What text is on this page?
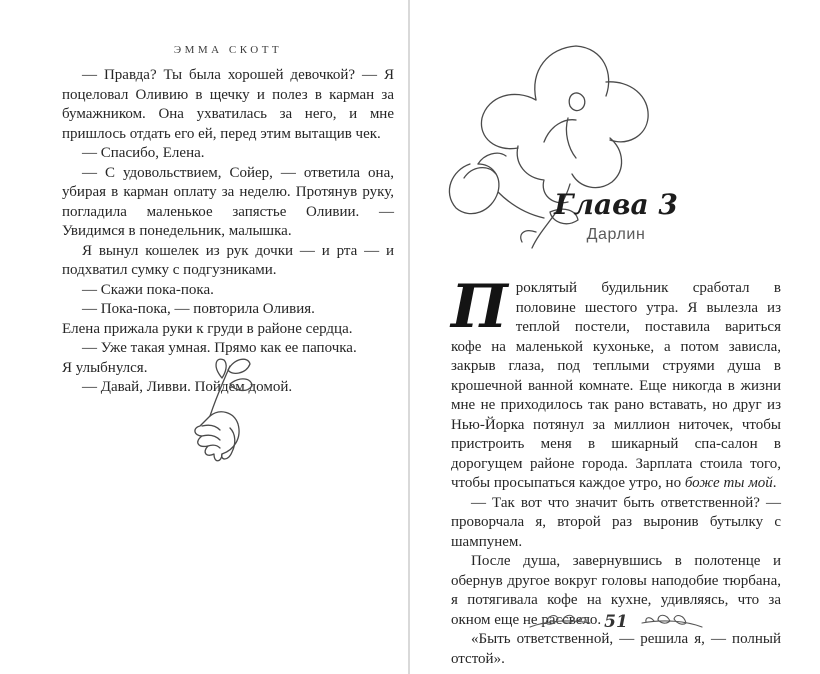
ЭММА СКОТТ

— Правда? Ты была хорошей девочкой? — Я поцеловал Оливию в щечку и полез в карман за бумажником. Она ухватилась за него, и мне пришлось отдать его ей, перед этим вытащив чек.

— Спасибо, Елена.

— С удовольствием, Сойер, — ответила она, убирая в карман оплату за неделю. Протянув руку, погладила маленькое запястье Оливии. — Увидимся в понедельник, малышка.

Я вынул кошелек из рук дочки — и рта — и подхватил сумку с подгузниками.

— Скажи пока-пока.

— Пока-пока, — повторила Оливия.

Елена прижала руки к груди в районе сердца.

— Уже такая умная. Прямо как ее папочка.

Я улыбнулся.

— Давай, Ливви. Пойдем домой.

Глава 3
Дарлин

Проклятый будильник сработал в половине шестого утра. Я вылезла из теплой постели, поставила вариться кофе на маленькой кухоньке, а потом зависла, закрыв глаза, под теплыми струями душа в крошечной ванной комнате. Еще никогда в жизни мне не приходилось так рано вставать, но друг из Нью-Йорка потянул за миллион ниточек, чтобы пристроить меня в шикарный спа-салон в дорогущем районе города. Зарплата стоила того, чтобы просыпаться каждое утро, но боже ты мой.

— Так вот что значит быть ответственной? — проворчала я, второй раз выронив бутылку с шампунем.

После душа, завернувшись в полотенце и обернув другое вокруг головы наподобие тюрбана, я потягивала кофе на кухне, удивляясь, что за окном еще не рассвело.

«Быть ответственной, — решила я, — полный отстой».

51
